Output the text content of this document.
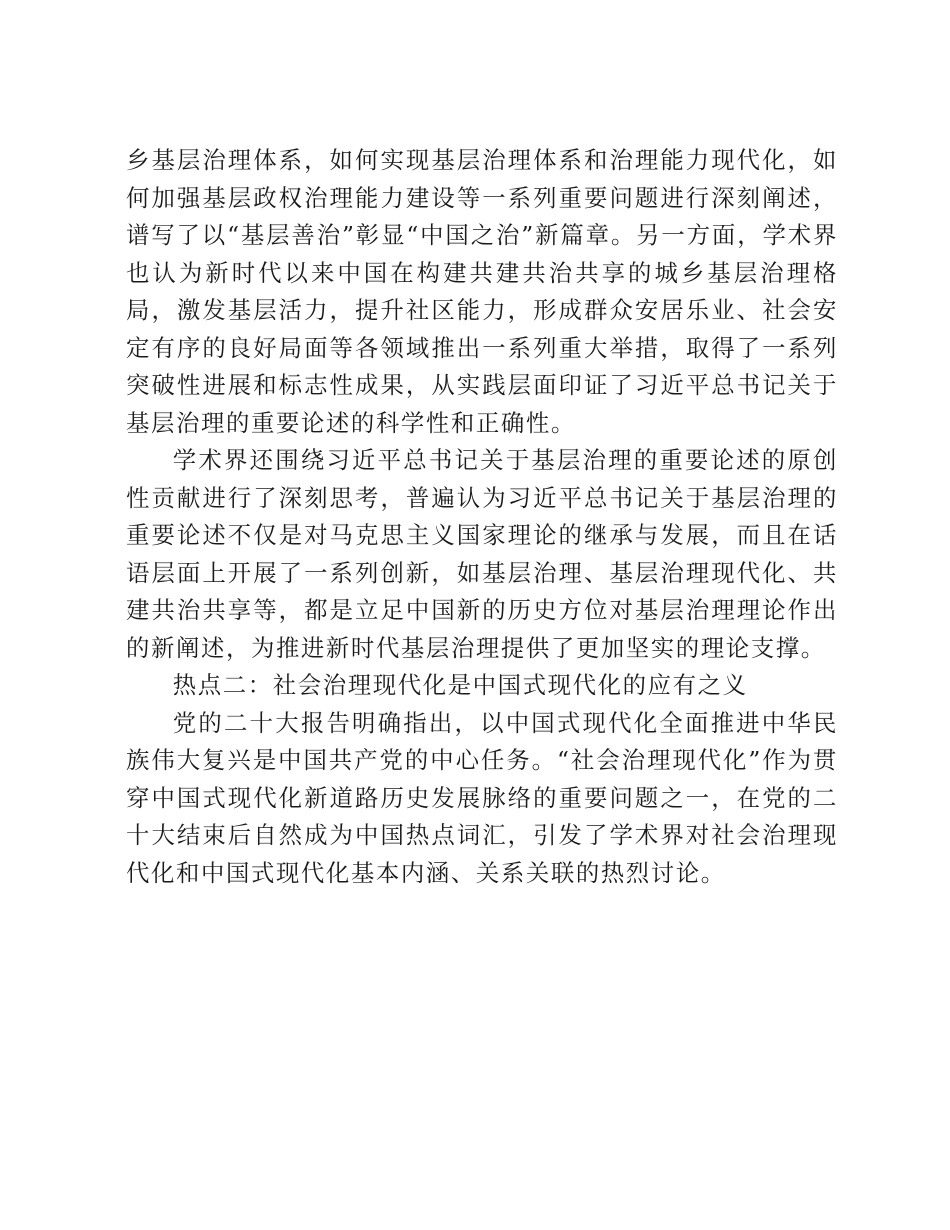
乡基层治理体系，如何实现基层治理体系和治理能力现代化，如何加强基层政权治理能力建设等一系列重要问题进行深刻阐述，谱写了以“基层善治”彰显“中国之治”新篇章。另一方面，学术界也认为新时代以来中国在构建共建共治共享的城乡基层治理格局，激发基层活力，提升社区能力，形成群众安居乐业、社会安定有序的良好局面等各领域推出一系列重大举措，取得了一系列突破性进展和标志性成果，从实践层面印证了习近平总书记关于基层治理的重要论述的科学性和正确性。

学术界还围绕习近平总书记关于基层治理的重要论述的原创性贡献进行了深刻思考，普遍认为习近平总书记关于基层治理的重要论述不仅是对马克思主义国家理论的继承与发展，而且在话语层面上开展了一系列创新，如基层治理、基层治理现代化、共建共治共享等，都是立足中国新的历史方位对基层治理理论作出的新阐述，为推进新时代基层治理提供了更加坚实的理论支撑。

热点二：社会治理现代化是中国式现代化的应有之义

党的二十大报告明确指出，以中国式现代化全面推进中华民族伟大复兴是中国共产党的中心任务。“社会治理现代化”作为贯穿中国式现代化新道路历史发展脉络的重要问题之一，在党的二十大结束后自然成为中国热点词汇，引发了学术界对社会治理现代化和中国式现代化基本内涵、关系关联的热烈讨论。
